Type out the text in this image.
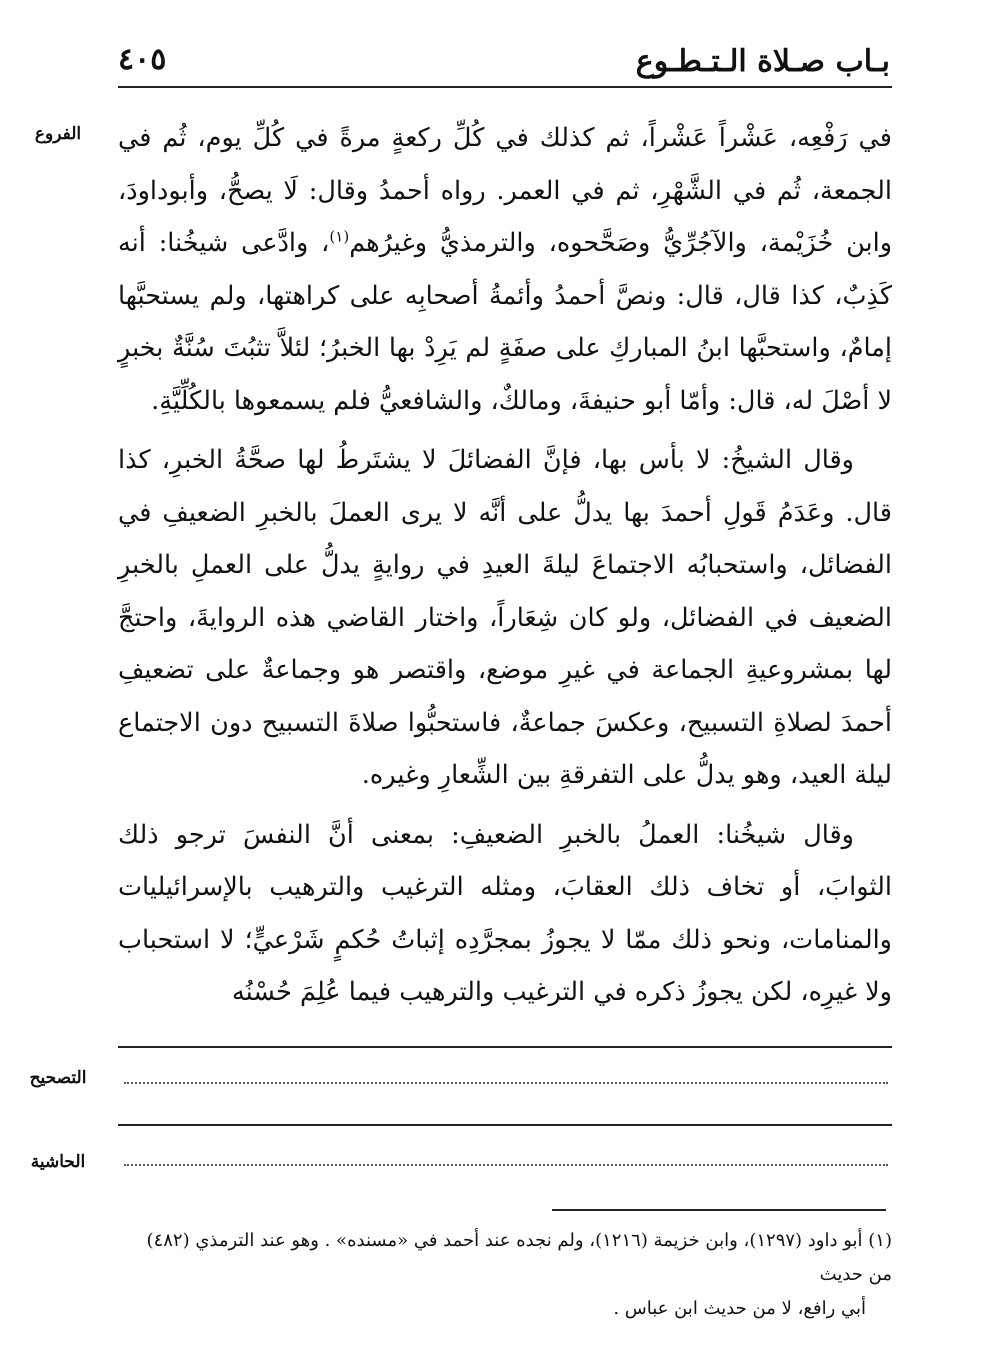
بـاب صـلاة الـتـطـوع
٤٠٥
الفروع	في رَفْعِه، عَشْراً عَشْراً، ثم كذلك في كُلِّ ركعةٍ مرةً في كُلِّ يوم، ثُم في الجمعة، ثُم في الشَّهْرِ، ثم في العمر. رواه أحمدُ وقال: لَا يصحُّ، وأبوداودَ، وابن خُزَيْمة، والآجُرِّيُّ وصَحَّحوه، والترمذيُّ وغيرُهم$^{(١)}$، وادَّعى شيخُنا: أنه كَذِبٌ، كذا قال، قال: ونصَّ أحمدُ وأئمةُ أصحابِه على كراهتها، ولم يستحبَّها إمامٌ، واستحبَّها ابنُ المباركِ على صفَةٍ لم يَرِدْ بها الخبرُ؛ لئلاَّ تثبُتَ سُنَّةٌ بخبرٍ لا أصْلَ له، قال: وأمّا أبو حنيفةَ، ومالكٌ، والشافعيُّ فلم يسمعوها بالكُلِّيَّةِ.

وقال الشيخُ: لا بأس بها، فإنَّ الفضائلَ لا يشتَرطُ لها صحَّةُ الخبرِ، كذا قال. وعَدَمُ قَولِ أحمدَ بها يدلُّ على أنَّه لا يرى العملَ بالخبرِ الضعيفِ في الفضائل، واستحبابُه الاجتماعَ ليلةَ العيدِ في روايةٍ يدلُّ على العملِ بالخبرِ الضعيف في الفضائل، ولو كان شِعَاراً، واختار القاضي هذه الروايةَ، واحتجَّ لها بمشروعيةِ الجماعة في غيرِ موضع، واقتصر هو وجماعةٌ على تضعيفِ أحمدَ لصلاةِ التسبيح، وعكسَ جماعةٌ، فاستحبُّوا صلاةَ التسبيح دون الاجتماع ليلة العيد، وهو يدلُّ على التفرقةِ بين الشِّعارِ وغيره.

وقال شيخُنا: العملُ بالخبرِ الضعيفِ: بمعنى أنَّ النفسَ ترجو ذلك الثوابَ، أو تخاف ذلك العقابَ، ومثله الترغيب والترهيب بالإسرائيليات والمنامات، ونحو ذلك ممّا لا يجوزُ بمجرَّدِه إثباتُ حُكمٍ شَرْعيٍّ؛ لا استحباب ولا غيرِه، لكن يجوزُ ذكره في الترغيب والترهيب فيما عُلِمَ حُسْنُه

التصحيح
الحاشية

(١) أبو داود (١٢٩٧)، وابن خزيمة (١٢١٦)، ولم نجده عند أحمد في «مسنده» . وهو عند الترمذي (٤٨٢) من حديث

أبي رافع، لا من حديث ابن عباس .
